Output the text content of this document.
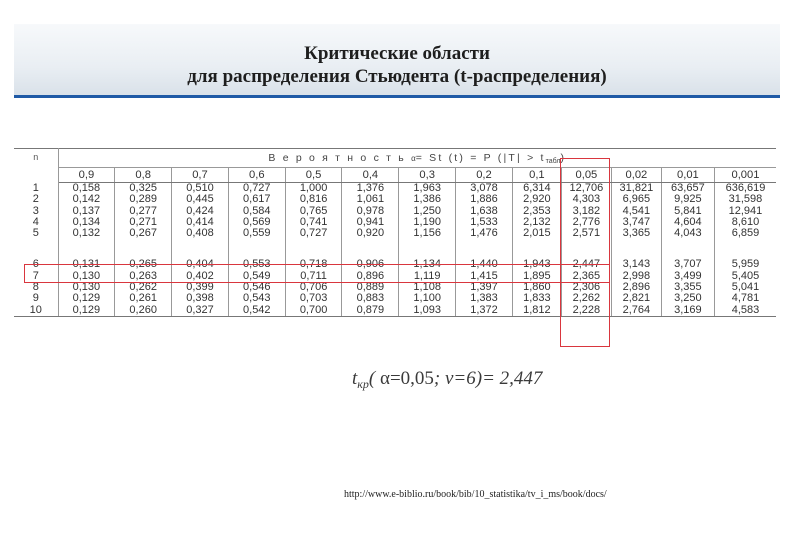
Критические области
для распределения Стьюдента (t-распределения)
n	В е р о я т н о с т ь α= St (t) = P $(|T| > t_{табл})$												
	0,9	0,8	0,7	0,6	0,5	0,4	0,3	0,2	0,1	0,05	0,02	0,01	0,001
1	0,158	0,325	0,510	0,727	1,000	1,376	1,963	3,078	6,314	12,706	31,821	63,657	636,619
2	0,142	0,289	0,445	0,617	0,816	1,061	1,386	1,886	2,920	4,303	6,965	9,925	31,598
3	0,137	0,277	0,424	0,584	0,765	0,978	1,250	1,638	2,353	3,182	4,541	5,841	12,941
4	0,134	0,271	0,414	0,569	0,741	0,941	1,190	1,533	2,132	2,776	3,747	4,604	8,610
5	0,132	0,267	0,408	0,559	0,727	0,920	1,156	1,476	2,015	2,571	3,365	4,043	6,859

6	0,131	0,265	0,404	0,553	0,718	0,906	1,134	1,440	1,943	2,447	3,143	3,707	5,959
7	0,130	0,263	0,402	0,549	0,711	0,896	1,119	1,415	1,895	2,365	2,998	3,499	5,405
8	0,130	0,262	0,399	0,546	0,706	0,889	1,108	1,397	1,860	2,306	2,896	3,355	5,041
9	0,129	0,261	0,398	0,543	0,703	0,883	1,100	1,383	1,833	2,262	2,821	3,250	4,781
10	0,129	0,260	0,327	0,542	0,700	0,879	1,093	1,372	1,812	2,228	2,764	3,169	4,583
$t_{кр}$( α=0,05; ν=6)= 2,447
http://www.e-biblio.ru/book/bib/10_statistika/tv_i_ms/book/docs/
